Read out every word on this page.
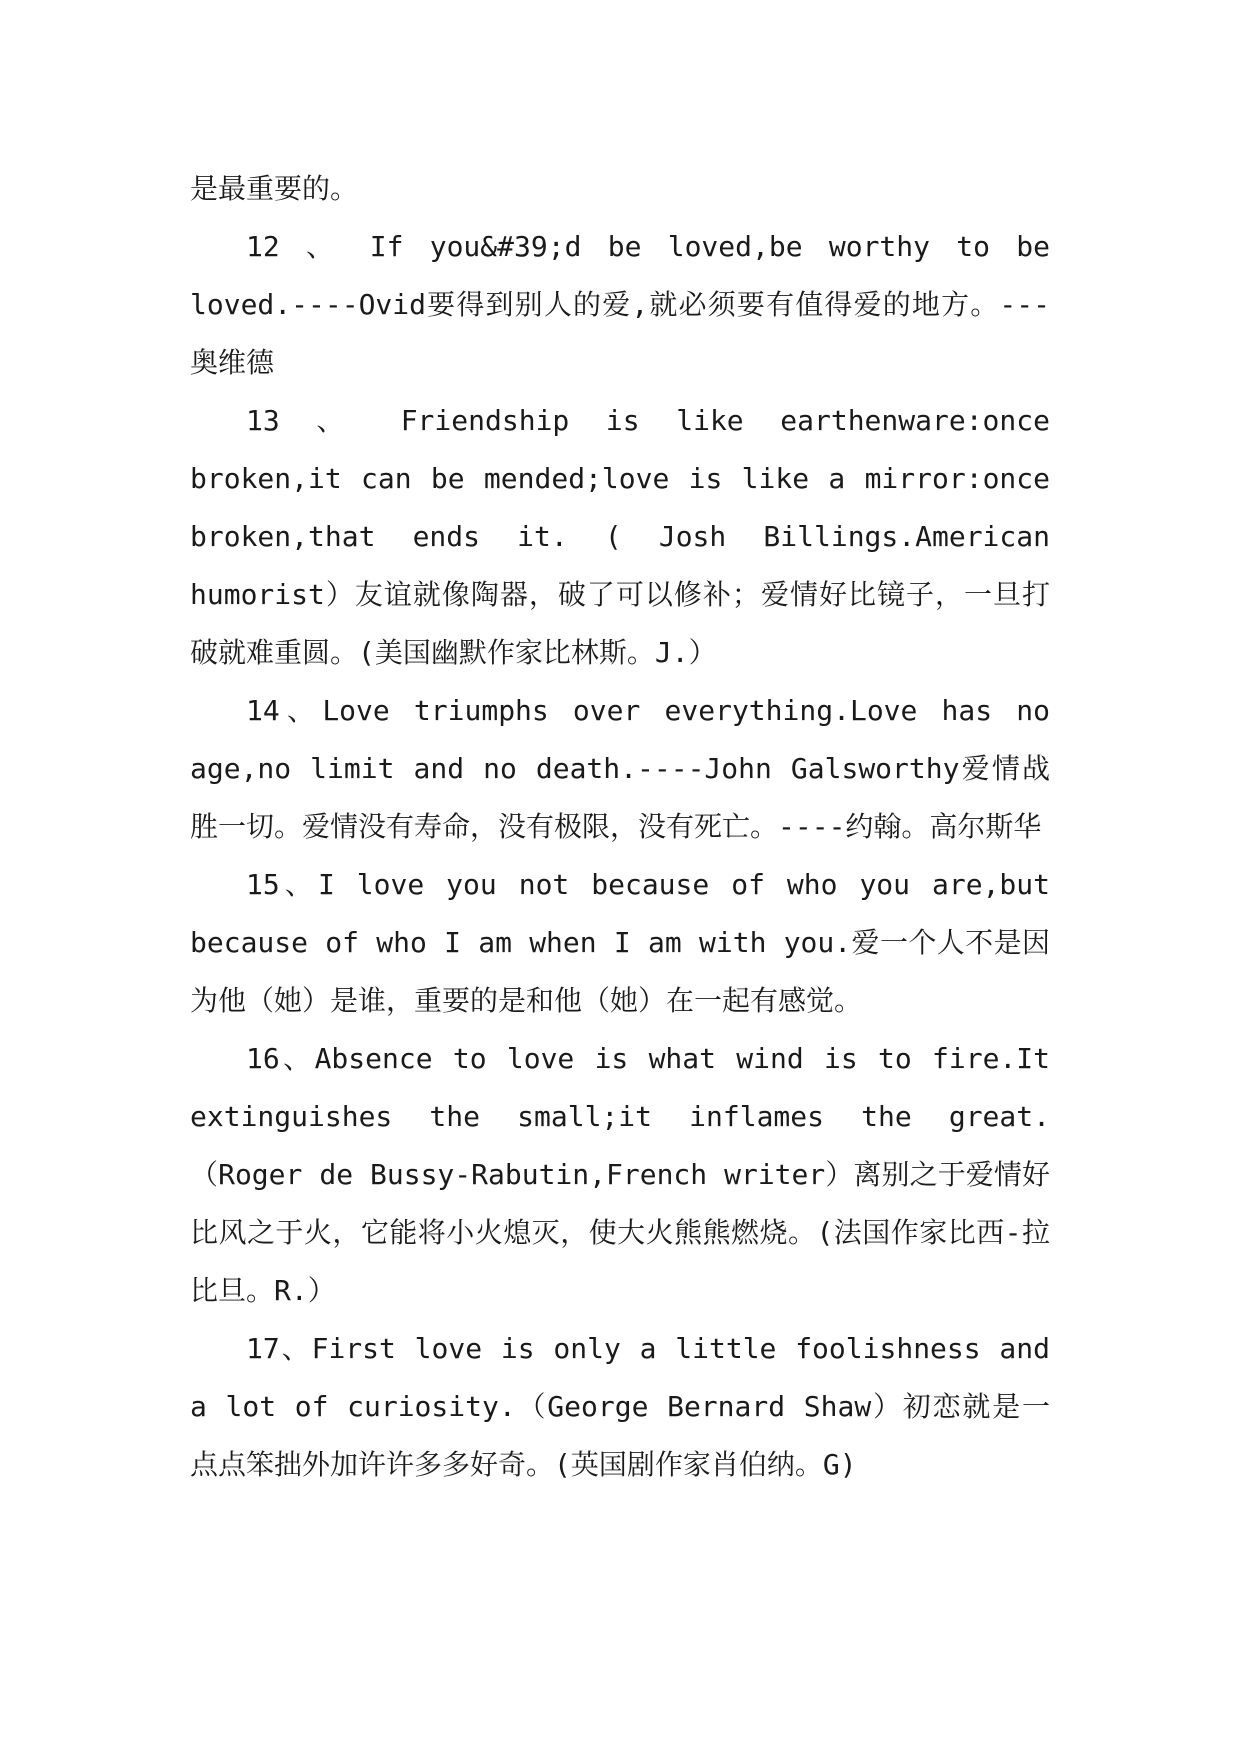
是最重要的。

12 、 If you&#39;d be loved,be worthy to be loved.----Ovid要得到别人的爱,就必须要有值得爱的地方。---奥维德

13 、 Friendship is like earthenware:once broken,it can be mended;love is like a mirror:once broken,that ends it. ( Josh Billings.American humorist）友谊就像陶器，破了可以修补；爱情好比镜子，一旦打破就难重圆。(美国幽默作家比林斯。J.）

14、Love triumphs over everything.Love has no age,no limit and no death.----John Galsworthy爱情战胜一切。爱情没有寿命，没有极限，没有死亡。----约翰。高尔斯华

15、I love you not because of who you are,but because of who I am when I am with you.爱一个人不是因为他（她）是谁，重要的是和他（她）在一起有感觉。

16、Absence to love is what wind is to fire.It extinguishes the small;it inflames the great.（Roger de Bussy-Rabutin,French writer）离别之于爱情好比风之于火，它能将小火熄灭，使大火熊熊燃烧。(法国作家比西-拉比旦。R.）

17、First love is only a little foolishness and a lot of curiosity.（George Bernard Shaw）初恋就是一点点笨拙外加许许多多好奇。(英国剧作家肖伯纳。G)
